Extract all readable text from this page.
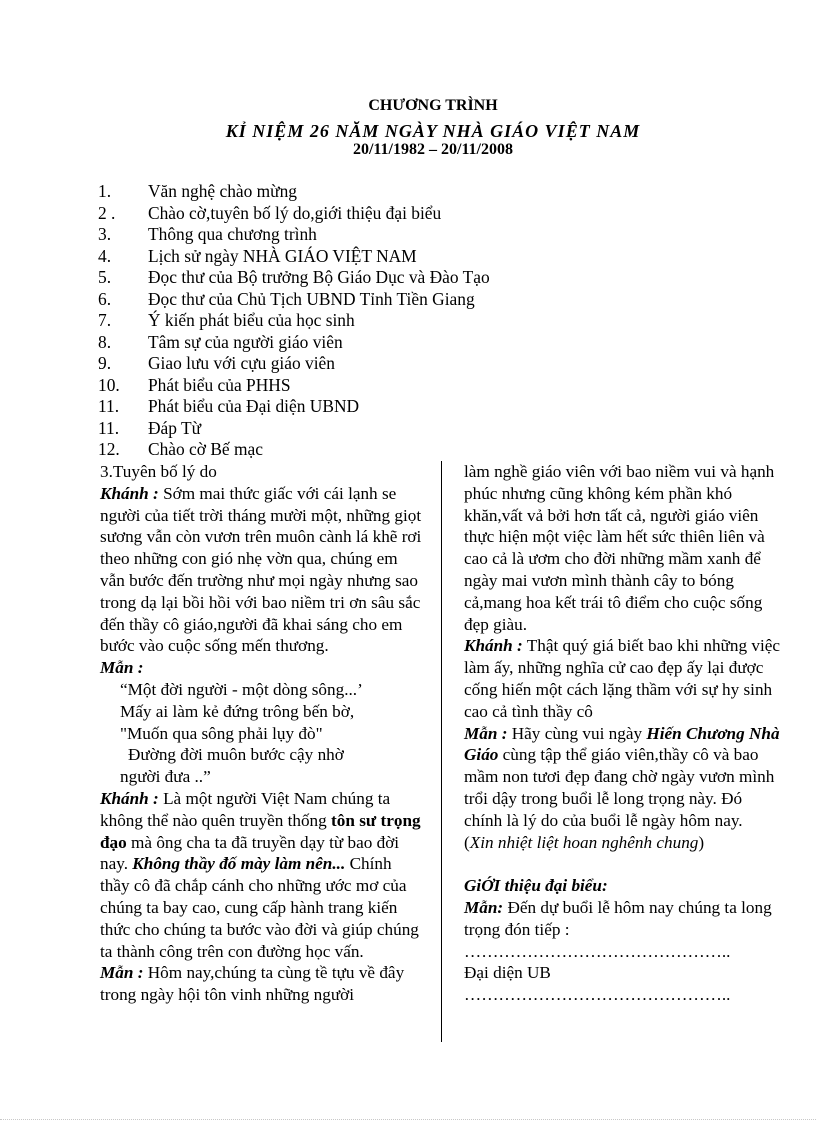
CHƯƠNG TRÌNH
KỈ NIỆM 26 NĂM NGÀY NHÀ GIÁO VIỆT NAM
20/11/1982 – 20/11/2008
1. Văn nghệ chào mừng
2 . Chào cờ,tuyên bố lý do,giới thiệu đại biểu
3. Thông qua chương trình
4. Lịch sử ngày NHÀ GIÁO VIỆT NAM
5. Đọc thư của Bộ trưởng Bộ Giáo Dục và Đào Tạo
6. Đọc thư của Chủ Tịch UBND Tỉnh Tiền Giang
7. Ý kiến phát biểu của học sinh
8. Tâm sự của người giáo viên
9. Giao lưu với cựu giáo viên
10. Phát biểu của PHHS
11. Phát biểu của Đại diện UBND
11. Đáp Từ
12. Chào cờ Bế mạc

3.Tuyên bố lý do

Khánh : Sớm mai thức giấc với cái lạnh se người của tiết trời tháng mười một, những giọt sương vẫn còn vươn trên muôn cành lá khẽ rơi theo những con gió nhẹ vờn qua, chúng em vẫn bước đến trường như mọi ngày nhưng sao trong dạ lại bồi hồi với bao niềm tri ơn sâu sắc đến thầy cô giáo,người đã khai sáng cho em bước vào cuộc sống mến thương.

Mẫn :

“Một đời người - một dòng sông...’

Mấy ai làm kẻ đứng trông bến bờ,

"Muốn qua sông phải lụy đò"

Đường đời muôn bước cậy nhờ

người đưa ..”

Khánh : Là một người Việt Nam chúng ta không thể nào quên truyền thống tôn sư trọng đạo mà ông cha ta đã truyền dạy từ bao đời nay. Không thầy đố mày làm nên... Chính thầy cô đã chắp cánh cho những ước mơ của chúng ta bay cao, cung cấp hành trang kiến thức cho chúng ta bước vào đời và giúp chúng ta thành công trên con đường học vấn.

Mẫn : Hôm nay,chúng ta cùng tề tựu về đây trong ngày hội tôn vinh những người

làm nghề giáo viên với bao niềm vui và hạnh phúc nhưng cũng không kém phần khó khăn,vất vả bởi hơn tất cả, người giáo viên thực hiện một việc làm hết sức thiên liên và cao cả là ươm cho đời những mầm xanh để ngày mai vươn mình thành cây to bóng cả,mang hoa kết trái tô điểm cho cuộc sống đẹp giàu.

Khánh : Thật quý giá biết bao khi những việc làm ấy, những nghĩa cử cao đẹp ấy lại được cống hiến một cách lặng thầm với sự hy sinh cao cả tình thầy cô

Mẫn : Hãy cùng vui ngày Hiến Chương Nhà Giáo cùng tập thể giáo viên,thầy cô và bao mầm non tươi đẹp đang chờ ngày vươn mình trổi dậy trong buổi lễ long trọng này. Đó chính là lý do của buổi lễ ngày hôm nay.

(Xin nhiệt liệt hoan nghênh chung)

GiỚI thiệu đại biểu:

Mẫn: Đến dự buổi lễ hôm nay chúng ta long trọng đón tiếp :

………………………………………..

Đại diện UB

………………………………………..
